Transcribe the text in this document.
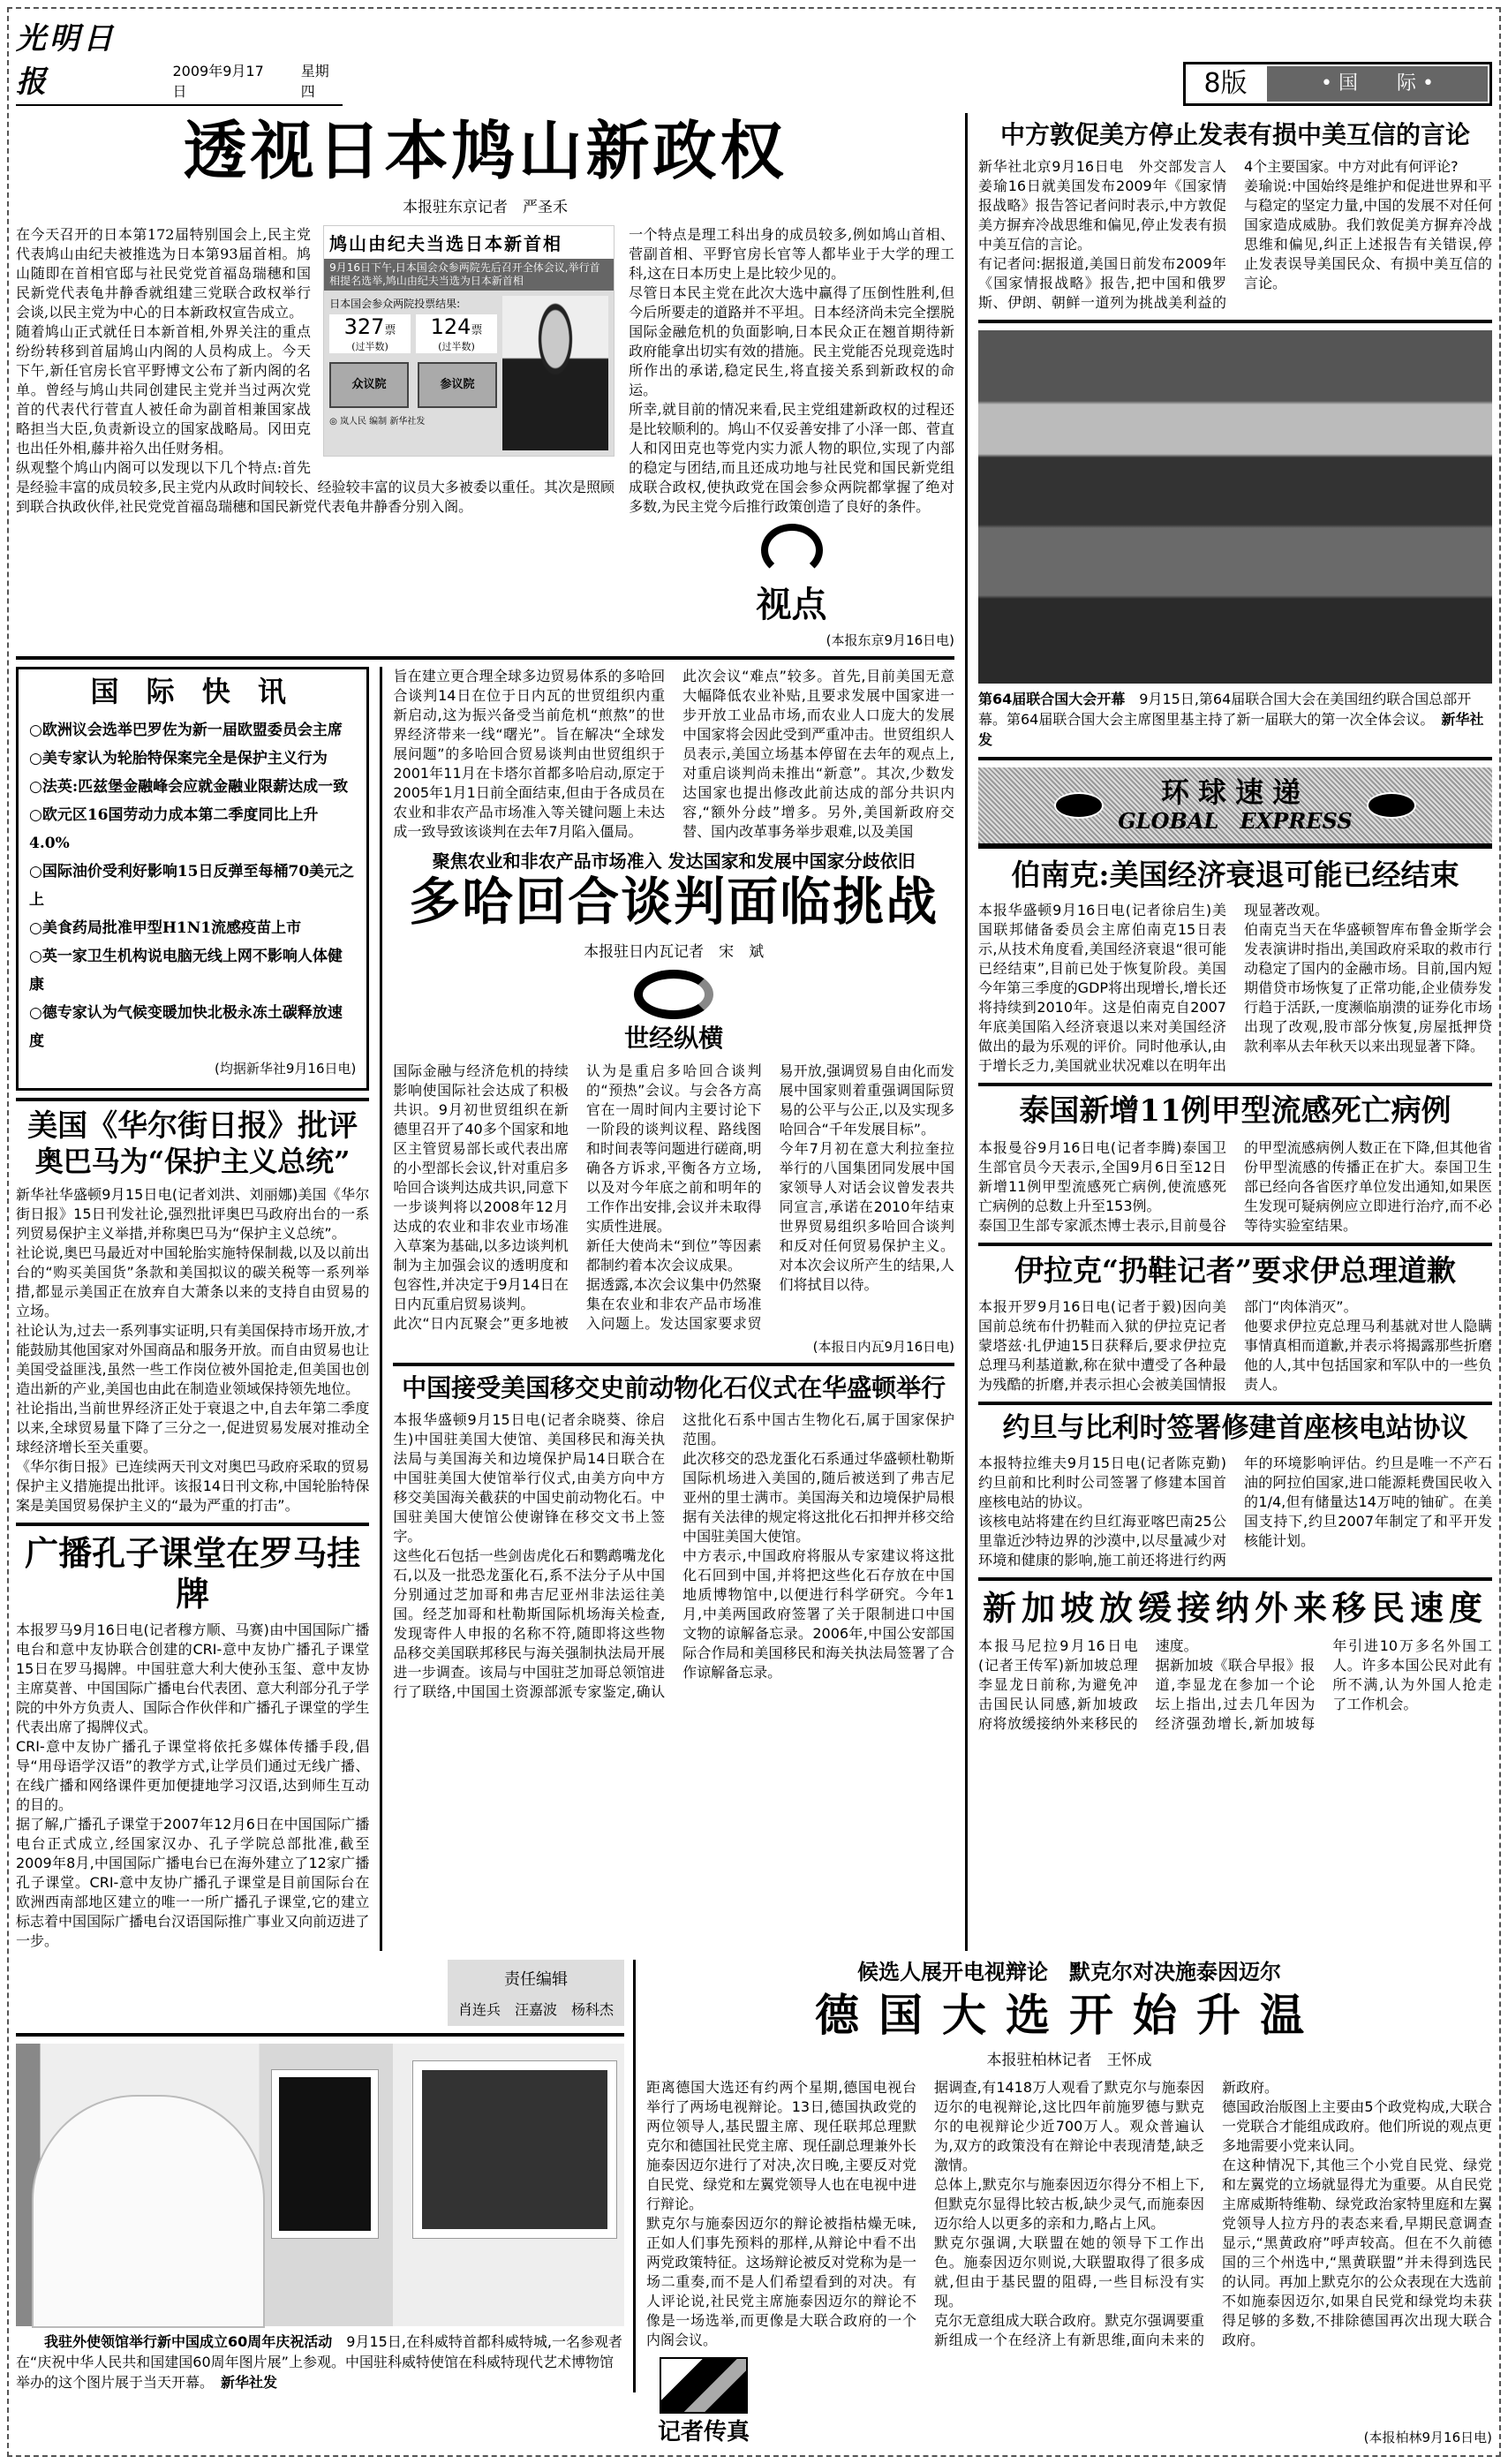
光明日报	2009年9月17日
星期四	8版	• 国　　际 •
透视日本鸠山新政权
本报驻东京记者　严圣禾
鸠山由纪夫当选日本新首相
9月16日下午,日本国会众参两院先后召开全体会议,举行首相提名选举,鸠山由纪夫当选为日本新首相
日本国会参众两院投票结果:
327票
(过半数)
124票
(过半数)
众议院	参议院
◎ 岚人民 编制 新华社发
在今天召开的日本第172届特别国会上,民主党代表鸠山由纪夫被推选为日本第93届首相。鸠山随即在首相官邸与社民党党首福岛瑞穗和国民新党代表龟井静香就组建三党联合政权举行会谈,以民主党为中心的日本新政权宣告成立。
随着鸠山正式就任日本新首相,外界关注的重点纷纷转移到首届鸠山内阁的人员构成上。今天下午,新任官房长官平野博文公布了新内阁的名单。曾经与鸠山共同创建民主党并当过两次党首的代表代行菅直人被任命为副首相兼国家战略担当大臣,负责新设立的国家战略局。冈田克也出任外相,藤井裕久出任财务相。
纵观整个鸠山内阁可以发现以下几个特点:首先是经验丰富的成员较多,民主党内从政时间较长、经验较丰富的议员大多被委以重任。其次是照顾到联合执政伙伴,社民党党首福岛瑞穗和国民新党代表龟井静香分别入阁。
一个特点是理工科出身的成员较多,例如鸠山首相、菅副首相、平野官房长官等人都毕业于大学的理工科,这在日本历史上是比较少见的。
尽管日本民主党在此次大选中赢得了压倒性胜利,但今后所要走的道路并不平坦。日本经济尚未完全摆脱国际金融危机的负面影响,日本民众正在翘首期待新政府能拿出切实有效的措施。民主党能否兑现竞选时所作出的承诺,稳定民生,将直接关系到新政权的命运。
所幸,就目前的情况来看,民主党组建新政权的过程还是比较顺利的。鸠山不仅妥善安排了小泽一郎、菅直人和冈田克也等党内实力派人物的职位,实现了内部的稳定与团结,而且还成功地与社民党和国民新党组成联合政权,使执政党在国会参众两院都掌握了绝对多数,为民主党今后推行政策创造了良好的条件。
视点
(本报东京9月16日电)
国 际 快 讯
○欧洲议会选举巴罗佐为新一届欧盟委员会主席
○美专家认为轮胎特保案完全是保护主义行为
○法英:匹兹堡金融峰会应就金融业限薪达成一致
○欧元区16国劳动力成本第二季度同比上升4.0%
○国际油价受利好影响15日反弹至每桶70美元之上
○美食药局批准甲型H1N1流感疫苗上市
○英一家卫生机构说电脑无线上网不影响人体健康
○德专家认为气候变暖加快北极永冻土碳释放速度
(均据新华社9月16日电)
美国《华尔街日报》批评
奥巴马为“保护主义总统”
新华社华盛顿9月15日电(记者刘洪、刘丽娜)美国《华尔街日报》15日刊发社论,强烈批评奥巴马政府出台的一系列贸易保护主义举措,并称奥巴马为“保护主义总统”。
社论说,奥巴马最近对中国轮胎实施特保制裁,以及以前出台的“购买美国货”条款和美国拟议的碳关税等一系列举措,都显示美国正在放弃自大萧条以来的支持自由贸易的立场。
社论认为,过去一系列事实证明,只有美国保持市场开放,才能鼓励其他国家对外国商品和服务开放。而自由贸易也让美国受益匪浅,虽然一些工作岗位被外国抢走,但美国也创造出新的产业,美国也由此在制造业领域保持领先地位。
社论指出,当前世界经济正处于衰退之中,自去年第二季度以来,全球贸易量下降了三分之一,促进贸易发展对推动全球经济增长至关重要。
《华尔街日报》已连续两天刊文对奥巴马政府采取的贸易保护主义措施提出批评。该报14日刊文称,中国轮胎特保案是美国贸易保护主义的“最为严重的打击”。
广播孔子课堂在罗马挂牌
本报罗马9月16日电(记者穆方顺、马赛)由中国国际广播电台和意中友协联合创建的CRI-意中友协广播孔子课堂15日在罗马揭牌。中国驻意大利大使孙玉玺、意中友协主席莫普、中国国际广播电台代表团、意大利部分孔子学院的中外方负责人、国际合作伙伴和广播孔子课堂的学生代表出席了揭牌仪式。
CRI-意中友协广播孔子课堂将依托多媒体传播手段,倡导“用母语学汉语”的教学方式,让学员们通过无线广播、在线广播和网络课件更加便捷地学习汉语,达到师生互动的目的。
据了解,广播孔子课堂于2007年12月6日在中国国际广播电台正式成立,经国家汉办、孔子学院总部批准,截至2009年8月,中国国际广播电台已在海外建立了12家广播孔子课堂。CRI-意中友协广播孔子课堂是目前国际台在欧洲西南部地区建立的唯一一所广播孔子课堂,它的建立标志着中国国际广播电台汉语国际推广事业又向前迈进了一步。
旨在建立更合理全球多边贸易体系的多哈回合谈判14日在位于日内瓦的世贸组织内重新启动,这为振兴备受当前危机“煎熬”的世界经济带来一线“曙光”。旨在解决“全球发展问题”的多哈回合贸易谈判由世贸组织于2001年11月在卡塔尔首都多哈启动,原定于2005年1月1日前全面结束,但由于各成员在农业和非农产品市场准入等关键问题上未达成一致导致该谈判在去年7月陷入僵局。
此次会议“难点”较多。首先,目前美国无意大幅降低农业补贴,且要求发展中国家进一步开放工业品市场,而农业人口庞大的发展中国家将会因此受到严重冲击。世贸组织人员表示,美国立场基本停留在去年的观点上,对重启谈判尚未推出“新意”。其次,少数发达国家也提出修改此前达成的部分共识内容,“额外分歧”增多。另外,美国新政府交替、国内改革事务举步艰难,以及美国
聚焦农业和非农产品市场准入 发达国家和发展中国家分歧依旧
多哈回合谈判面临挑战
本报驻日内瓦记者　宋　斌
世经纵横
国际金融与经济危机的持续影响使国际社会达成了积极共识。9月初世贸组织在新德里召开了40多个国家和地区主管贸易部长或代表出席的小型部长会议,针对重启多哈回合谈判达成共识,同意下一步谈判将以2008年12月达成的农业和非农业市场准入草案为基础,以多边谈判机制为主加强会议的透明度和包容性,并决定于9月14日在日内瓦重启贸易谈判。
此次“日内瓦聚会”更多地被认为是重启多哈回合谈判的“预热”会议。与会各方高官在一周时间内主要讨论下一阶段的谈判议程、路线图和时间表等问题进行磋商,明确各方诉求,平衡各方立场,以及对今年底之前和明年的工作作出安排,会议并未取得实质性进展。
新任大使尚未“到位”等因素都制约着本次会议成果。
据透露,本次会议集中仍然聚集在农业和非农产品市场准入问题上。发达国家要求贸易开放,强调贸易自由化而发展中国家则着重强调国际贸易的公平与公正,以及实现多哈回合“千年发展目标”。
今年7月初在意大利拉奎拉举行的八国集团同发展中国家领导人对话会议曾发表共同宣言,承诺在2010年结束世界贸易组织多哈回合谈判和反对任何贸易保护主义。对本次会议所产生的结果,人们将拭目以待。
(本报日内瓦9月16日电)
中国接受美国移交史前动物化石仪式在华盛顿举行
本报华盛顿9月15日电(记者余晓葵、徐启生)中国驻美国大使馆、美国移民和海关执法局与美国海关和边境保护局14日联合在中国驻美国大使馆举行仪式,由美方向中方移交美国海关截获的中国史前动物化石。中国驻美国大使馆公使谢锋在移交文书上签字。
这些化石包括一些剑齿虎化石和鹦鹉嘴龙化石,以及一批恐龙蛋化石,系不法分子从中国分别通过芝加哥和弗吉尼亚州非法运往美国。经芝加哥和杜勒斯国际机场海关检查,发现寄件人申报的名称不符,随即将这些物品移交美国联邦移民与海关强制执法局开展进一步调查。该局与中国驻芝加哥总领馆进行了联络,中国国土资源部派专家鉴定,确认这批化石系中国古生物化石,属于国家保护范围。
此次移交的恐龙蛋化石系通过华盛顿杜勒斯国际机场进入美国的,随后被送到了弗吉尼亚州的里士满市。美国海关和边境保护局根据有关法律的规定将这批化石扣押并移交给中国驻美国大使馆。
中方表示,中国政府将服从专家建议将这批化石回到中国,并将把这些化石存放在中国地质博物馆中,以便进行科学研究。今年1月,中美两国政府签署了关于限制进口中国文物的谅解备忘录。2006年,中国公安部国际合作局和美国移民和海关执法局签署了合作谅解备忘录。
中方敦促美方停止发表有损中美互信的言论
新华社北京9月16日电　外交部发言人姜瑜16日就美国发布2009年《国家情报战略》报告答记者问时表示,中方敦促美方摒弃冷战思维和偏见,停止发表有损中美互信的言论。
有记者问:据报道,美国日前发布2009年《国家情报战略》报告,把中国和俄罗斯、伊朗、朝鲜一道列为挑战美利益的4个主要国家。中方对此有何评论?
姜瑜说:中国始终是维护和促进世界和平与稳定的坚定力量,中国的发展不对任何国家造成威胁。我们敦促美方摒弃冷战思维和偏见,纠正上述报告有关错误,停止发表误导美国民众、有损中美互信的言论。
第64届联合国大会开幕　 9月15日,第64届联合国大会在美国纽约联合国总部开幕。第64届联合国大会主席图里基主持了新一届联大的第一次全体会议。　 新华社发
环球速递
GLOBAL　EXPRESS
伯南克:美国经济衰退可能已经结束
本报华盛顿9月16日电(记者徐启生)美国联邦储备委员会主席伯南克15日表示,从技术角度看,美国经济衰退“很可能已经结束”,目前已处于恢复阶段。美国今年第三季度的GDP将出现增长,增长还将持续到2010年。这是伯南克自2007年底美国陷入经济衰退以来对美国经济做出的最为乐观的评价。同时他承认,由于增长乏力,美国就业状况难以在明年出现显著改观。
伯南克当天在华盛顿智库布鲁金斯学会发表演讲时指出,美国政府采取的救市行动稳定了国内的金融市场。目前,国内短期借贷市场恢复了正常功能,企业债券发行趋于活跃,一度濒临崩溃的证券化市场出现了改观,股市部分恢复,房屋抵押贷款利率从去年秋天以来出现显著下降。
泰国新增11例甲型流感死亡病例
本报曼谷9月16日电(记者李腾)泰国卫生部官员今天表示,全国9月6日至12日新增11例甲型流感死亡病例,使流感死亡病例的总数上升至153例。
泰国卫生部专家派杰博士表示,目前曼谷的甲型流感病例人数正在下降,但其他省份甲型流感的传播正在扩大。泰国卫生部已经向各省医疗单位发出通知,如果医生发现可疑病例应立即进行治疗,而不必等待实验室结果。
伊拉克“扔鞋记者”要求伊总理道歉
本报开罗9月16日电(记者于毅)因向美国前总统布什扔鞋而入狱的伊拉克记者蒙塔兹·扎伊迪15日获释后,要求伊拉克总理马利基道歉,称在狱中遭受了各种最为残酷的折磨,并表示担心会被美国情报部门“肉体消灭”。
他要求伊拉克总理马利基就对世人隐瞒事情真相而道歉,并表示将揭露那些折磨他的人,其中包括国家和军队中的一些负责人。
约旦与比利时签署修建首座核电站协议
本报特拉维夫9月15日电(记者陈克勤)约旦前和比利时公司签署了修建本国首座核电站的协议。
该核电站将建在约旦红海亚喀巴南25公里靠近沙特边界的沙漠中,以尽量减少对环境和健康的影响,施工前还将进行约两年的环境影响评估。约旦是唯一不产石油的阿拉伯国家,进口能源耗费国民收入的1/4,但有储量达14万吨的铀矿。在美国支持下,约旦2007年制定了和平开发核能计划。
新加坡放缓接纳外来移民速度
本报马尼拉9月16日电(记者王传军)新加坡总理李显龙日前称,为避免冲击国民认同感,新加坡政府将放缓接纳外来移民的速度。
据新加坡《联合早报》报道,李显龙在参加一个论坛上指出,过去几年因为经济强劲增长,新加坡每年引进10万多名外国工人。许多本国公民对此有所不满,认为外国人抢走了工作机会。
责任编辑
肖连兵 汪嘉波 杨科杰
我驻外使领馆举行新中国成立60周年庆祝活动　 9月15日,在科威特首都科威特城,一名参观者在“庆祝中华人民共和国建国60周年图片展”上参观。中国驻科威特使馆在科威特现代艺术博物馆举办的这个图片展于当天开幕。　 新华社发
候选人展开电视辩论　默克尔对决施泰因迈尔
德国大选开始升温
本报驻柏林记者　王怀成
距离德国大选还有约两个星期,德国电视台举行了两场电视辩论。13日,德国执政党的两位领导人,基民盟主席、现任联邦总理默克尔和德国社民党主席、现任副总理兼外长施泰因迈尔进行了对决,次日晚,主要反对党自民党、绿党和左翼党领导人也在电视中进行辩论。
默克尔与施泰因迈尔的辩论被指枯燥无味,正如人们事先预料的那样,从辩论中看不出两党政策特征。这场辩论被反对党称为是一场二重奏,而不是人们希望看到的对决。有人评论说,社民党主席施泰因迈尔的辩论不像是一场选举,而更像是大联合政府的一个内阁会议。
据调查,有1418万人观看了默克尔与施泰因迈尔的电视辩论,这比四年前施罗德与默克尔的电视辩论少近700万人。观众普遍认为,双方的政策没有在辩论中表现清楚,缺乏激情。
总体上,默克尔与施泰因迈尔得分不相上下,但默克尔显得比较古板,缺少灵气,而施泰因迈尔给人以更多的亲和力,略占上风。
默克尔强调,大联盟在她的领导下工作出色。施泰因迈尔则说,大联盟取得了很多成就,但由于基民盟的阻碍,一些目标没有实现。
克尔无意组成大联合政府。默克尔强调要重新组成一个在经济上有新思维,面向未来的新政府。
德国政治版图上主要由5个政党构成,大联合一党联合才能组成政府。他们所说的观点更多地需要小党来认同。
在这种情况下,其他三个小党自民党、绿党和左翼党的立场就显得尤为重要。从自民党主席威斯特维勒、绿党政治家特里庭和左翼党领导人拉方丹的表态来看,早期民意调查显示,“黑黄政府”呼声较高。但在不久前德国的三个州选中,“黑黄联盟”并未得到选民的认同。再加上默克尔的公众表现在大选前不如施泰因迈尔,如果自民党和绿党均未获得足够的多数,不排除德国再次出现大联合政府。
记者传真	(本报柏林9月16日电)
